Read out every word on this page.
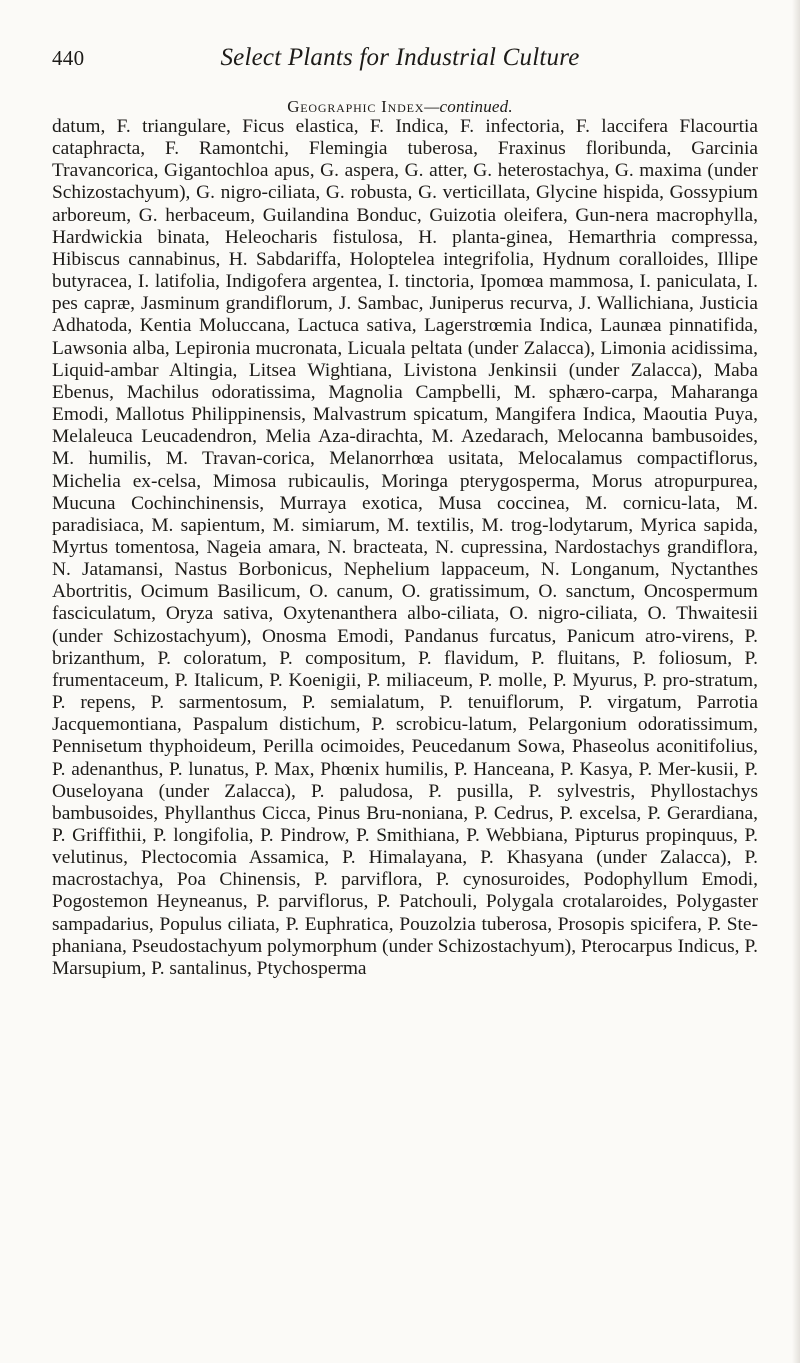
440	Select Plants for Industrial Culture
Geographic Index—continued.

datum, F. triangulare, Ficus elastica, F. Indica, F. infectoria, F. laccifera Flacourtia cataphracta, F. Ramontchi, Flemingia tuberosa, Fraxinus floribunda, Garcinia Travancorica, Gigantochloa apus, G. aspera, G. atter, G. heterostachya, G. maxima (under Schizostachyum), G. nigro-ciliata, G. robusta, G. verticillata, Glycine hispida, Gossypium arboreum, G. herbaceum, Guilandina Bonduc, Guizotia oleifera, Gun-nera macrophylla, Hardwickia binata, Heleocharis fistulosa, H. planta-ginea, Hemarthria compressa, Hibiscus cannabinus, H. Sabdariffa, Holoptelea integrifolia, Hydnum coralloides, Illipe butyracea, I. latifolia, Indigofera argentea, I. tinctoria, Ipomœa mammosa, I. paniculata, I. pes capræ, Jasminum grandiflorum, J. Sambac, Juniperus recurva, J. Wallichiana, Justicia Adhatoda, Kentia Moluccana, Lactuca sativa, Lagerstrœmia Indica, Launæa pinnatifida, Lawsonia alba, Lepironia mucronata, Licuala peltata (under Zalacca), Limonia acidissima, Liquid-ambar Altingia, Litsea Wightiana, Livistona Jenkinsii (under Zalacca), Maba Ebenus, Machilus odoratissima, Magnolia Campbelli, M. sphæro-carpa, Maharanga Emodi, Mallotus Philippinensis, Malvastrum spicatum, Mangifera Indica, Maoutia Puya, Melaleuca Leucadendron, Melia Aza-dirachta, M. Azedarach, Melocanna bambusoides, M. humilis, M. Travan-corica, Melanorrhœa usitata, Melocalamus compactiflorus, Michelia ex-celsa, Mimosa rubicaulis, Moringa pterygosperma, Morus atropurpurea, Mucuna Cochinchinensis, Murraya exotica, Musa coccinea, M. cornicu-lata, M. paradisiaca, M. sapientum, M. simiarum, M. textilis, M. trog-lodytarum, Myrica sapida, Myrtus tomentosa, Nageia amara, N. bracteata, N. cupressina, Nardostachys grandiflora, N. Jatamansi, Nastus Borbonicus, Nephelium lappaceum, N. Longanum, Nyctanthes Abortritis, Ocimum Basilicum, O. canum, O. gratissimum, O. sanctum, Oncospermum fasciculatum, Oryza sativa, Oxytenanthera albo-ciliata, O. nigro-ciliata, O. Thwaitesii (under Schizostachyum), Onosma Emodi, Pandanus furcatus, Panicum atro-virens, P. brizanthum, P. coloratum, P. compositum, P. flavidum, P. fluitans, P. foliosum, P. frumentaceum, P. Italicum, P. Koenigii, P. miliaceum, P. molle, P. Myurus, P. pro-stratum, P. repens, P. sarmentosum, P. semialatum, P. tenuiflorum, P. virgatum, Parrotia Jacquemontiana, Paspalum distichum, P. scrobicu-latum, Pelargonium odoratissimum, Pennisetum thyphoideum, Perilla ocimoides, Peucedanum Sowa, Phaseolus aconitifolius, P. adenanthus, P. lunatus, P. Max, Phœnix humilis, P. Hanceana, P. Kasya, P. Mer-kusii, P. Ouseloyana (under Zalacca), P. paludosa, P. pusilla, P. sylvestris, Phyllostachys bambusoides, Phyllanthus Cicca, Pinus Bru-noniana, P. Cedrus, P. excelsa, P. Gerardiana, P. Griffithii, P. longifolia, P. Pindrow, P. Smithiana, P. Webbiana, Pipturus propinquus, P. velutinus, Plectocomia Assamica, P. Himalayana, P. Khasyana (under Zalacca), P. macrostachya, Poa Chinensis, P. parviflora, P. cynosuroides, Podophyllum Emodi, Pogostemon Heyneanus, P. parviflorus, P. Patchouli, Polygala crotalaroides, Polygaster sampadarius, Populus ciliata, P. Euphratica, Pouzolzia tuberosa, Prosopis spicifera, P. Ste-phaniana, Pseudostachyum polymorphum (under Schizostachyum), Pterocarpus Indicus, P. Marsupium, P. santalinus, Ptychosperma
